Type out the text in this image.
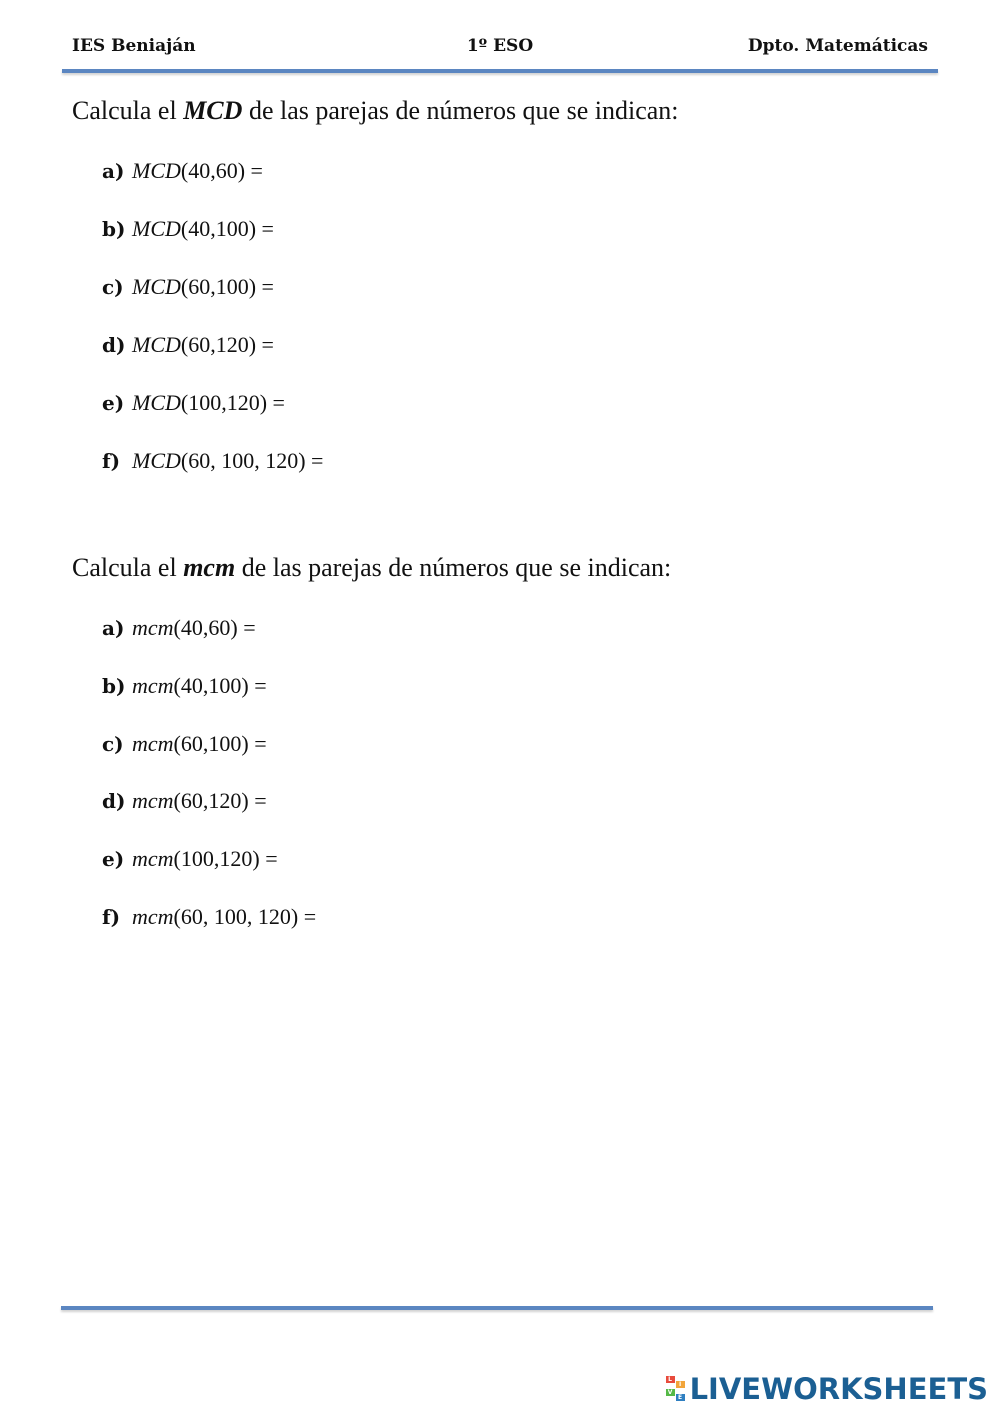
IES Beniaján	1º ESO	Dpto. Matemáticas
Calcula el MCD de las parejas de números que se indican:
a) MCD(40,60) =
b) MCD(40,100) =
c) MCD(60,100) =
d) MCD(60,120) =
e) MCD(100,120) =
f) MCD(60, 100, 120) =
Calcula el mcm de las parejas de números que se indican:
a) mcm(40,60) =
b) mcm(40,100) =
c) mcm(60,100) =
d) mcm(60,120) =
e) mcm(100,120) =
f) mcm(60, 100, 120) =
L
I
V
E LIVEWORKSHEETS
